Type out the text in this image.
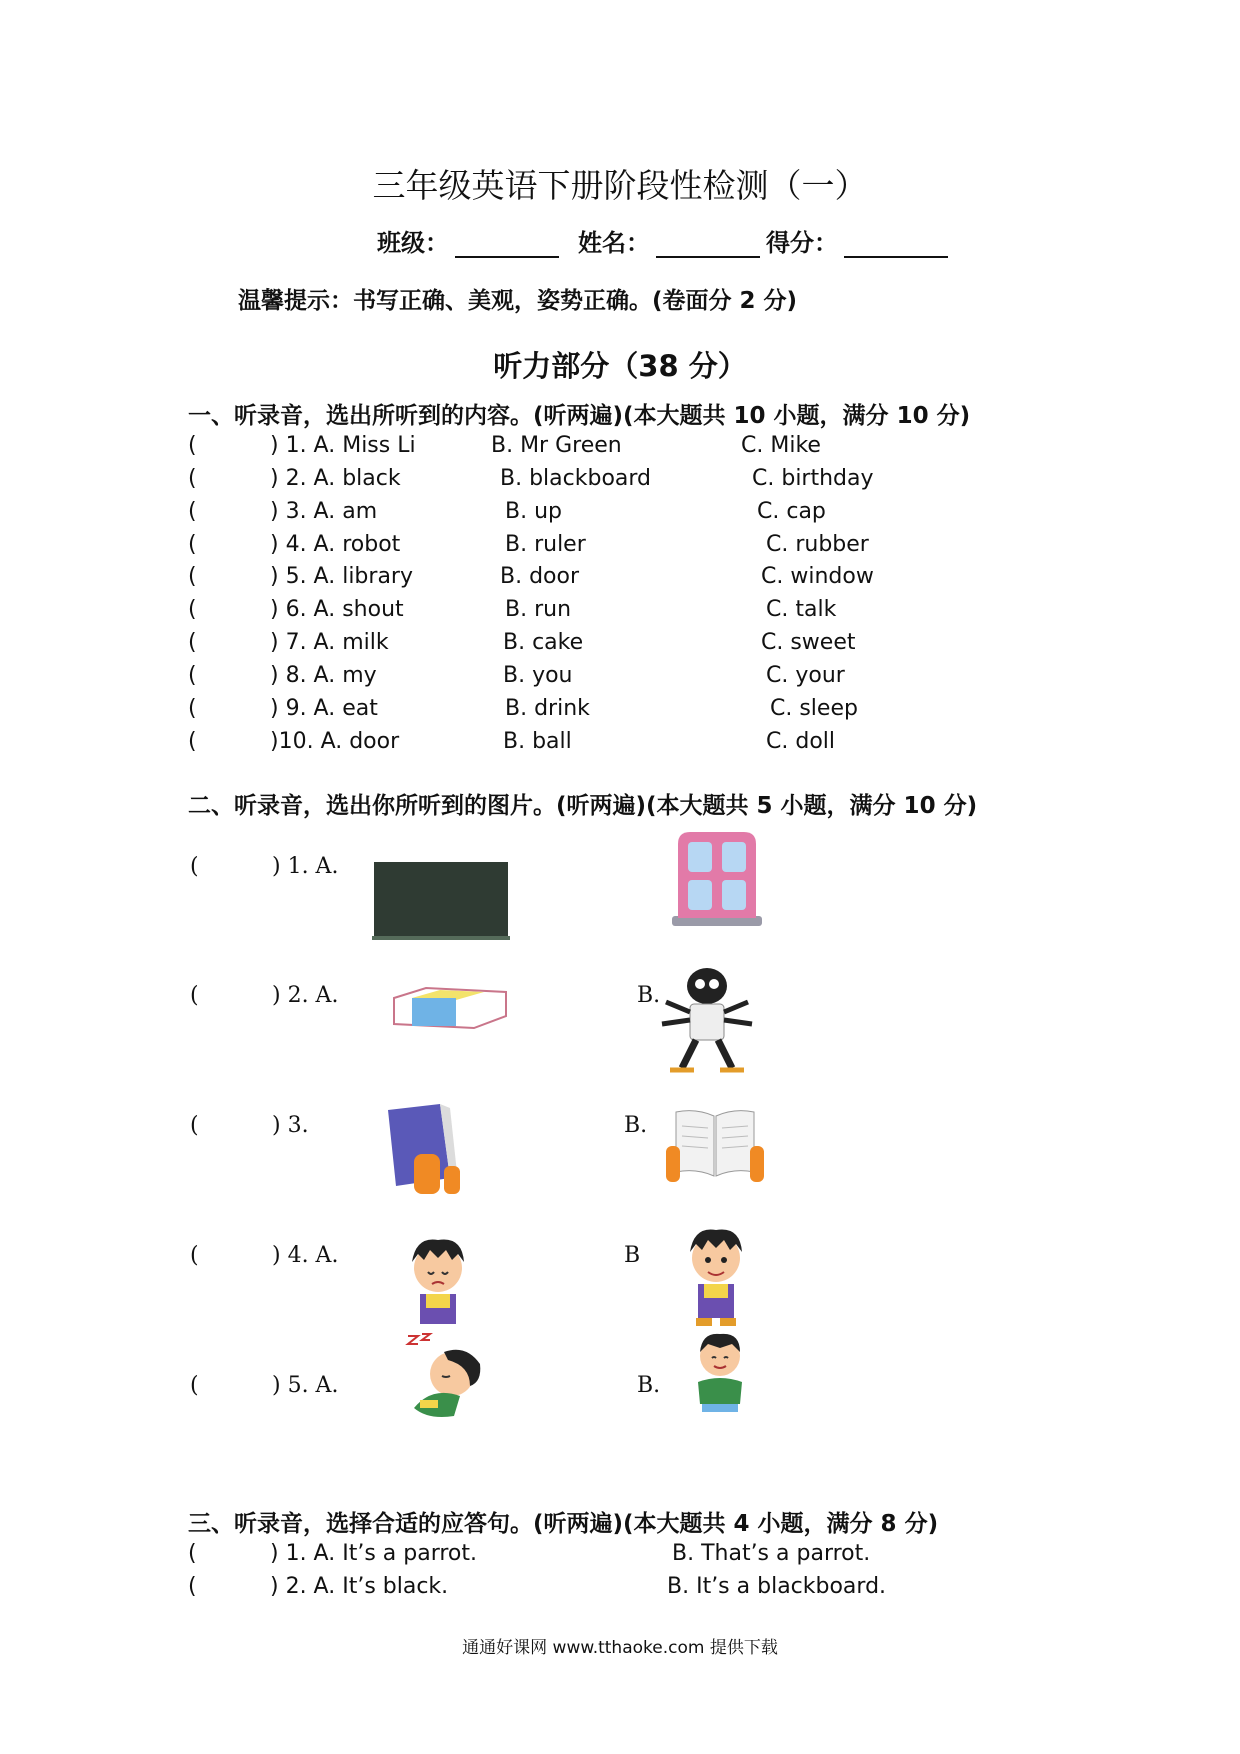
三年级英语下册阶段性检测（一）
班级：	姓名：	得分：
温馨提示：书写正确、美观，姿势正确。(卷面分 2 分)
听力部分（38 分）
一、听录音，选出所听到的内容。(听两遍)(本大题共 10 小题，满分 10 分)
(	) 1. A. Miss Li	B. Mr Green	C. Mike
(	) 2. A. black	B. blackboard	C. birthday
(	) 3. A. am	B. up	C. cap
(	) 4. A. robot	B. ruler	C. rubber
(	) 5. A. library	B. door	C. window
(	) 6. A. shout	B. run	C. talk
(	) 7. A. milk	B. cake	C. sweet
(	) 8. A. my	B. you	C. your
(	) 9. A. eat	B. drink	C. sleep
(	)10. A. door	B. ball	C. doll
二、听录音，选出你所听到的图片。(听两遍)(本大题共 5 小题，满分 10 分)
(	) 1. A.
(	) 2. A.	B.
(	) 3.	B.
(	) 4. A.	B
(	) 5. A.	B.
三、听录音，选择合适的应答句。(听两遍)(本大题共 4 小题，满分 8 分)
(	) 1. A. It’s a parrot.	B. That’s a parrot.
(	) 2. A. It’s black.	B. It’s a blackboard.
通通好课网 www.tthaoke.com 提供下载
